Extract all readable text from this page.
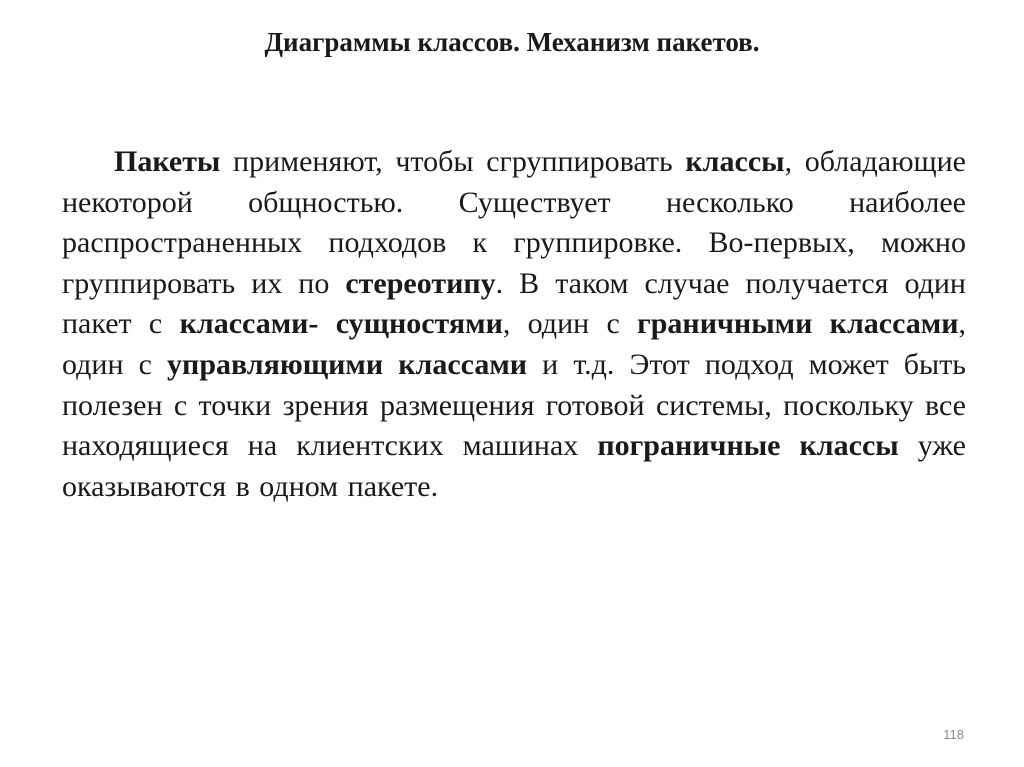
Диаграммы классов. Механизм пакетов.

Пакеты применяют, чтобы сгруппировать классы, обладающие некоторой общностью. Существует несколько наиболее распространенных подходов к группировке. Во-первых, можно группировать их по стереотипу. В таком случае получается один пакет с классами- сущностями, один с граничными классами, один с управляющими классами и т.д. Этот подход может быть полезен с точки зрения размещения готовой системы, поскольку все находящиеся на клиентских машинах пограничные классы уже оказываются в одном пакете.

118
